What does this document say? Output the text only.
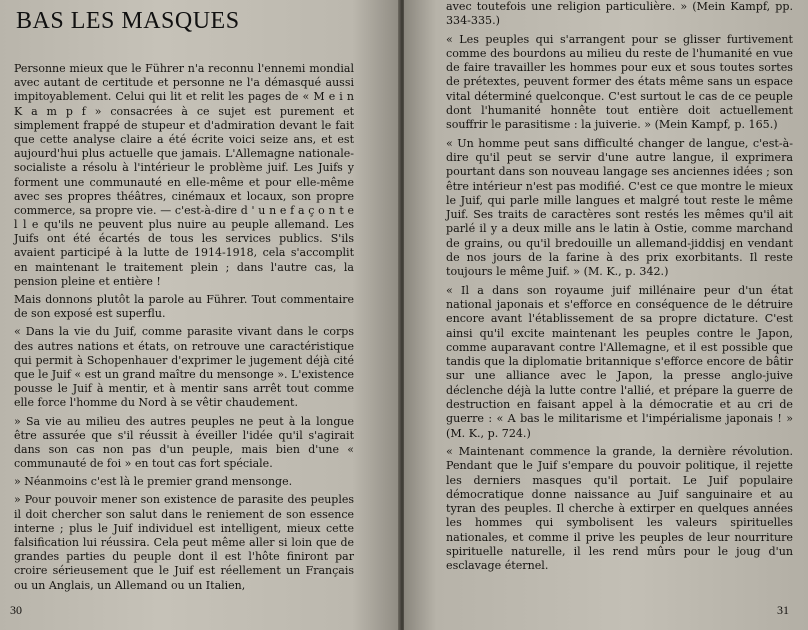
BAS LES MASQUES

Personne mieux que le Führer n'a reconnu l'ennemi mondial avec autant de certitude et personne ne l'a démasqué aussi impitoyablement. Celui qui lit et relit les pages de « M e i n K a m p f » consacrées à ce sujet est purement et simplement frappé de stupeur et d'admiration devant le fait que cette analyse claire a été écrite voici seize ans, et est aujourd'hui plus actuelle que jamais. L'Allemagne nationale-socialiste a résolu à l'intérieur le problème juif. Les Juifs y forment une communauté en elle-même et pour elle-même avec ses propres théâtres, cinémaux et locaux, son propre commerce, sa propre vie. — c'est-à-dire d ' u n e f a ç o n t e l l e qu'ils ne peuvent plus nuire au peuple allemand. Les Juifs ont été écartés de tous les services publics. S'ils avaient participé à la lutte de 1914-1918, cela s'accomplit en maintenant le traitement plein ; dans l'autre cas, la pension pleine et entière !

Mais donnons plutôt la parole au Führer. Tout commentaire de son exposé est superflu.

« Dans la vie du Juif, comme parasite vivant dans le corps des autres nations et états, on retrouve une caractéristique qui permit à Schopenhauer d'exprimer le jugement déjà cité que le Juif « est un grand maître du mensonge ». L'existence pousse le Juif à mentir, et à mentir sans arrêt tout comme elle force l'homme du Nord à se vêtir chaudement.

» Sa vie au milieu des autres peuples ne peut à la longue être assurée que s'il réussit à éveiller l'idée qu'il s'agirait dans son cas non pas d'un peuple, mais bien d'une « communauté de foi » en tout cas fort spéciale.

» Néanmoins c'est là le premier grand mensonge.

» Pour pouvoir mener son existence de parasite des peuples il doit chercher son salut dans le reniement de son essence interne ; plus le Juif individuel est intelligent, mieux cette falsification lui réussira. Cela peut même aller si loin que de grandes parties du peuple dont il est l'hôte finiront par croire sérieusement que le Juif est réellement un Français ou un Anglais, un Allemand ou un Italien,

30

avec toutefois une religion particulière. » (Mein Kampf, pp. 334-335.)

« Les peuples qui s'arrangent pour se glisser furtivement comme des bourdons au milieu du reste de l'humanité en vue de faire travailler les hommes pour eux et sous toutes sortes de prétextes, peuvent former des états même sans un espace vital déterminé quelconque. C'est surtout le cas de ce peuple dont l'humanité honnête tout entière doit actuellement souffrir le parasitisme : la juiverie. » (Mein Kampf, p. 165.)

« Un homme peut sans difficulté changer de langue, c'est-à-dire qu'il peut se servir d'une autre langue, il exprimera pourtant dans son nouveau langage ses anciennes idées ; son être intérieur n'est pas modifié. C'est ce que montre le mieux le Juif, qui parle mille langues et malgré tout reste le même Juif. Ses traits de caractères sont restés les mêmes qu'il ait parlé il y a deux mille ans le latin à Ostie, comme marchand de grains, ou qu'il bredouille un allemand-jiddisj en vendant de nos jours de la farine à des prix exorbitants. Il reste toujours le même Juif. » (M. K., p. 342.)

« Il a dans son royaume juif millénaire peur d'un état national japonais et s'efforce en conséquence de le détruire encore avant l'établissement de sa propre dictature. C'est ainsi qu'il excite maintenant les peuples contre le Japon, comme auparavant contre l'Allemagne, et il est possible que tandis que la diplomatie britannique s'efforce encore de bâtir sur une alliance avec le Japon, la presse anglo-juive déclenche déjà la lutte contre l'allié, et prépare la guerre de destruction en faisant appel à la démocratie et au cri de guerre : « A bas le militarisme et l'impérialisme japonais ! » (M. K., p. 724.)

« Maintenant commence la grande, la dernière révolution. Pendant que le Juif s'empare du pouvoir politique, il rejette les derniers masques qu'il portait. Le Juif populaire démocratique donne naissance au Juif sanguinaire et au tyran des peuples. Il cherche à extirper en quelques années les hommes qui symbolisent les valeurs spirituelles nationales, et comme il prive les peuples de leur nourriture spirituelle naturelle, il les rend mûrs pour le joug d'un esclavage éternel.

31
